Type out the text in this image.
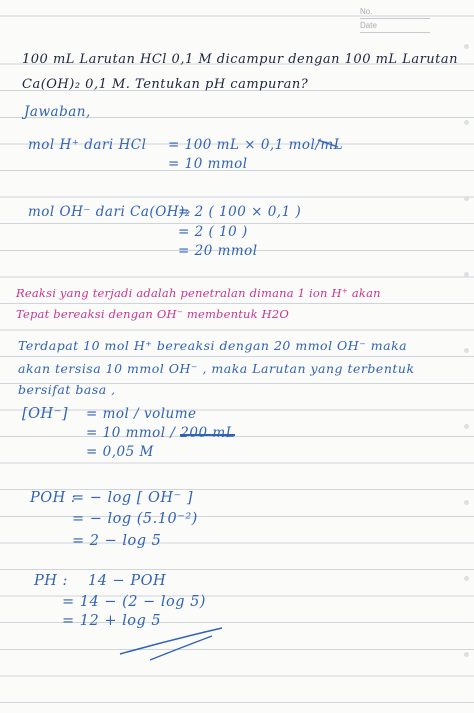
No.
Date

100 mL Larutan HCl 0,1 M dicampur dengan 100 mL Larutan

Ca(OH)₂ 0,1 M. Tentukan pH campuran?

Jawaban,

mol H⁺ dari HCl = 100 mL × 0,1 mol/mL

= 10 mmol

mol OH⁻ dari Ca(OH)₂

= 2 ( 100 × 0,1 )

= 2 ( 10 )

= 20 mmol

Reaksi yang terjadi adalah penetralan dimana 1 ion H⁺ akan

Tepat bereaksi dengan OH⁻ membentuk H2O

Terdapat 10 mol H⁺ bereaksi dengan 20 mmol OH⁻ maka

akan tersisa 10 mmol OH⁻ , maka Larutan yang terbentuk

bersifat basa ,

[OH⁻] = mol / volume

= 10 mmol /

= 0,05 M

POH :

= − log [ OH⁻ ]

= − log (5.10⁻²)

= 2 − log 5

PH : 14 − POH

= 14 − (2 − log 5)

= 12 + log 5
